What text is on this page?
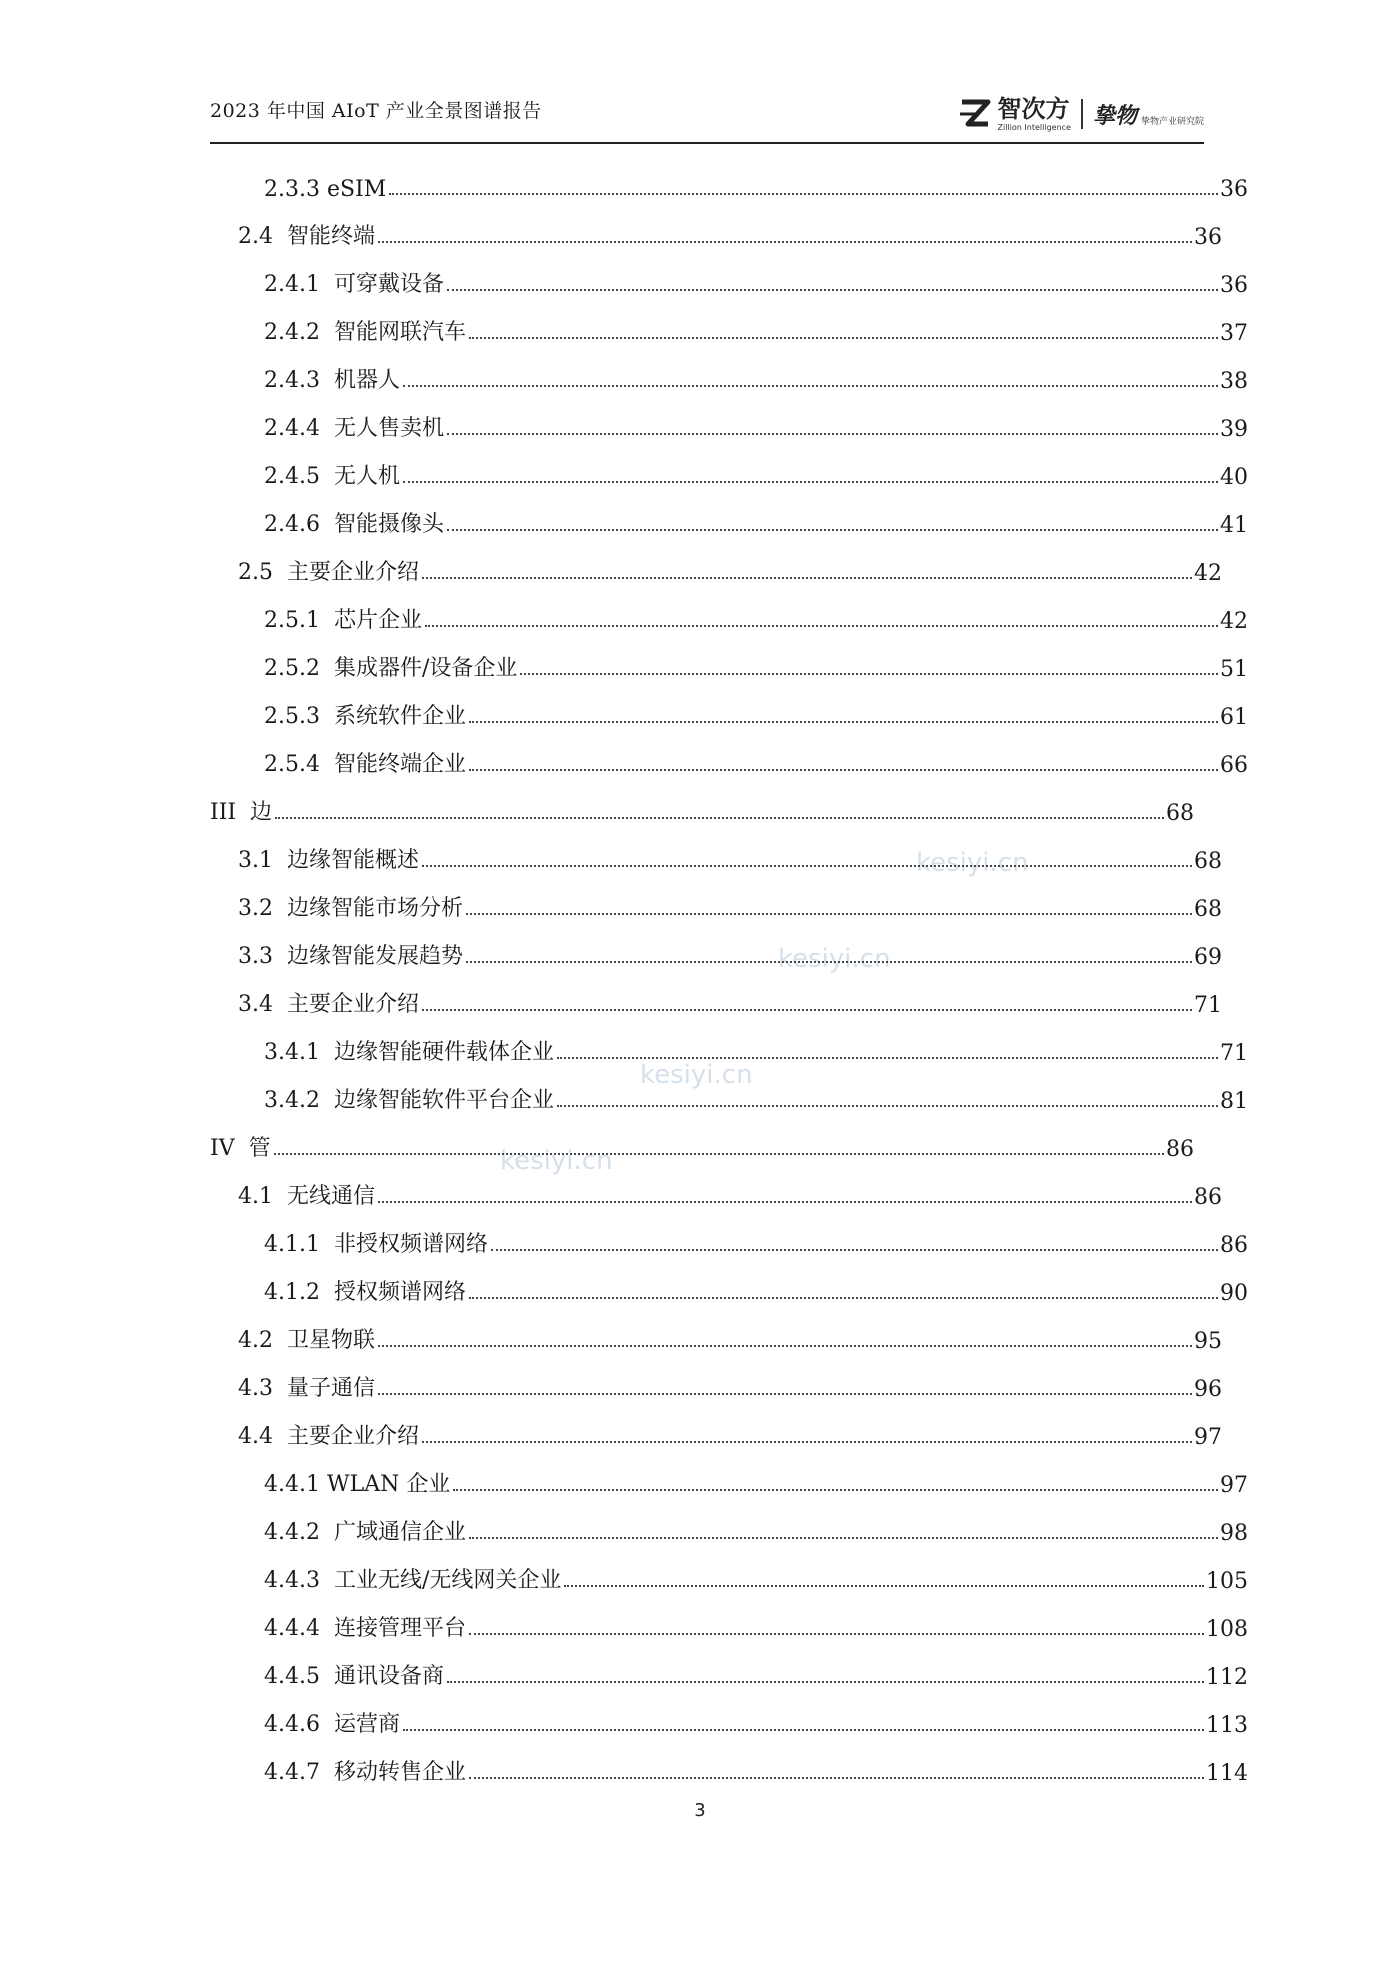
2023 年中国 AIoT 产业全景图谱报告	智次方
Zillion Intelligence 挚物 挚物产业研究院
kesiyi.cn
kesiyi.cn
kesiyi.cn
kesiyi.cn
2.3.3 eSIM	36
2.4  智能终端	36
2.4.1  可穿戴设备	36
2.4.2  智能网联汽车	37
2.4.3  机器人	38
2.4.4  无人售卖机	39
2.4.5  无人机	40
2.4.6  智能摄像头	41
2.5  主要企业介绍	42
2.5.1  芯片企业	42
2.5.2  集成器件/设备企业	51
2.5.3  系统软件企业	61
2.5.4  智能终端企业	66
III  边	68
3.1  边缘智能概述	68
3.2  边缘智能市场分析	68
3.3  边缘智能发展趋势	69
3.4  主要企业介绍	71
3.4.1  边缘智能硬件载体企业	71
3.4.2  边缘智能软件平台企业	81
IV  管	86
4.1  无线通信	86
4.1.1  非授权频谱网络	86
4.1.2  授权频谱网络	90
4.2  卫星物联	95
4.3  量子通信	96
4.4  主要企业介绍	97
4.4.1 WLAN 企业	97
4.4.2  广域通信企业	98
4.4.3  工业无线/无线网关企业	105
4.4.4  连接管理平台	108
4.4.5  通讯设备商	112
4.4.6  运营商	113
4.4.7  移动转售企业	114
3
